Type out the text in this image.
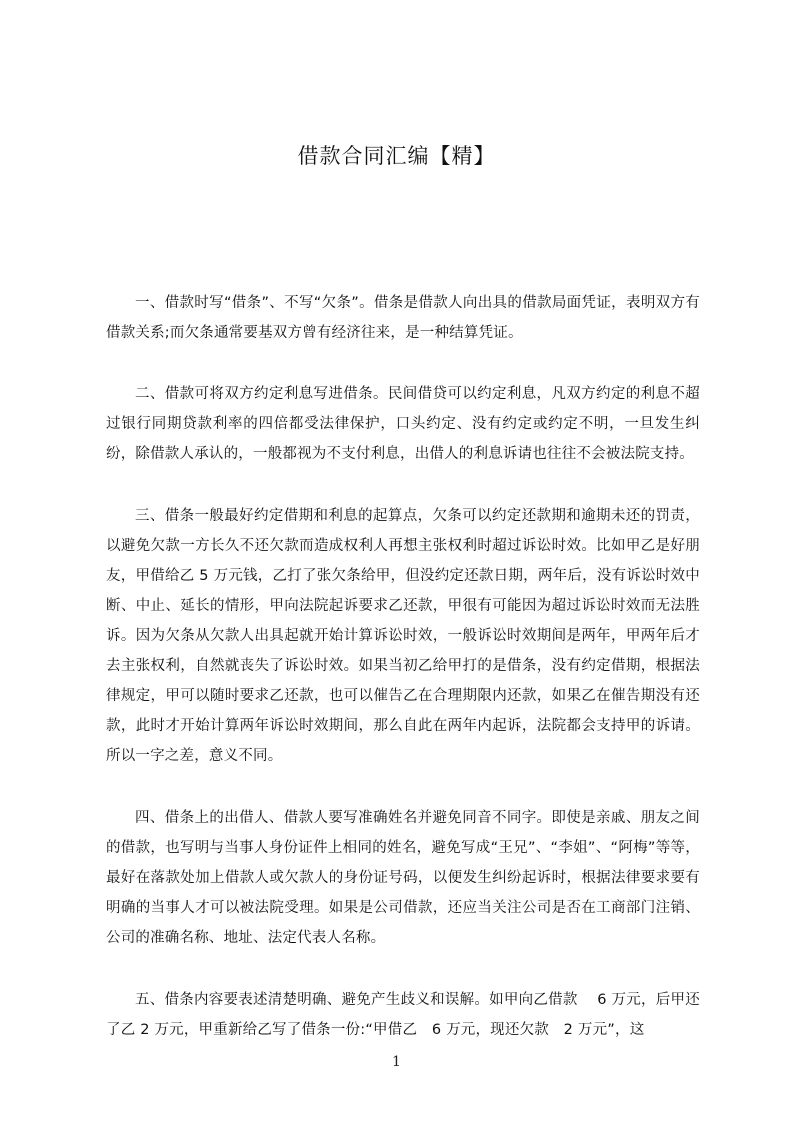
借款合同汇编【精】

一、借款时写“借条”、不写“欠条”。借条是借款人向出具的借款局面凭证，表明双方有借款关系;而欠条通常要基双方曾有经济往来，是一种结算凭证。

二、借款可将双方约定利息写进借条。民间借贷可以约定利息，凡双方约定的利息不超过银行同期贷款利率的四倍都受法律保护，口头约定、没有约定或约定不明，一旦发生纠纷，除借款人承认的，一般都视为不支付利息，出借人的利息诉请也往往不会被法院支持。

三、借条一般最好约定借期和利息的起算点，欠条可以约定还款期和逾期未还的罚责，以避免欠款一方长久不还欠款而造成权利人再想主张权利时超过诉讼时效。比如甲乙是好朋友，甲借给乙 5 万元钱，乙打了张欠条给甲，但没约定还款日期，两年后，没有诉讼时效中断、中止、延长的情形，甲向法院起诉要求乙还款，甲很有可能因为超过诉讼时效而无法胜诉。因为欠条从欠款人出具起就开始计算诉讼时效，一般诉讼时效期间是两年，甲两年后才去主张权利，自然就丧失了诉讼时效。如果当初乙给甲打的是借条，没有约定借期，根据法律规定，甲可以随时要求乙还款，也可以催告乙在合理期限内还款，如果乙在催告期没有还款，此时才开始计算两年诉讼时效期间，那么自此在两年内起诉，法院都会支持甲的诉请。所以一字之差，意义不同。

四、借条上的出借人、借款人要写准确姓名并避免同音不同字。即使是亲戚、朋友之间的借款，也写明与当事人身份证件上相同的姓名，避免写成“王兄”、“李姐”、“阿梅”等等，最好在落款处加上借款人或欠款人的身份证号码，以便发生纠纷起诉时，根据法律要求要有明确的当事人才可以被法院受理。如果是公司借款，还应当关注公司是否在工商部门注销、公司的准确名称、地址、法定代表人名称。

五、借条内容要表述清楚明确、避免产生歧义和误解。如甲向乙借款　 6 万元，后甲还了乙 2 万元，甲重新给乙写了借条一份:“甲借乙　6 万元，现还欠款　2 万元”，这

1
